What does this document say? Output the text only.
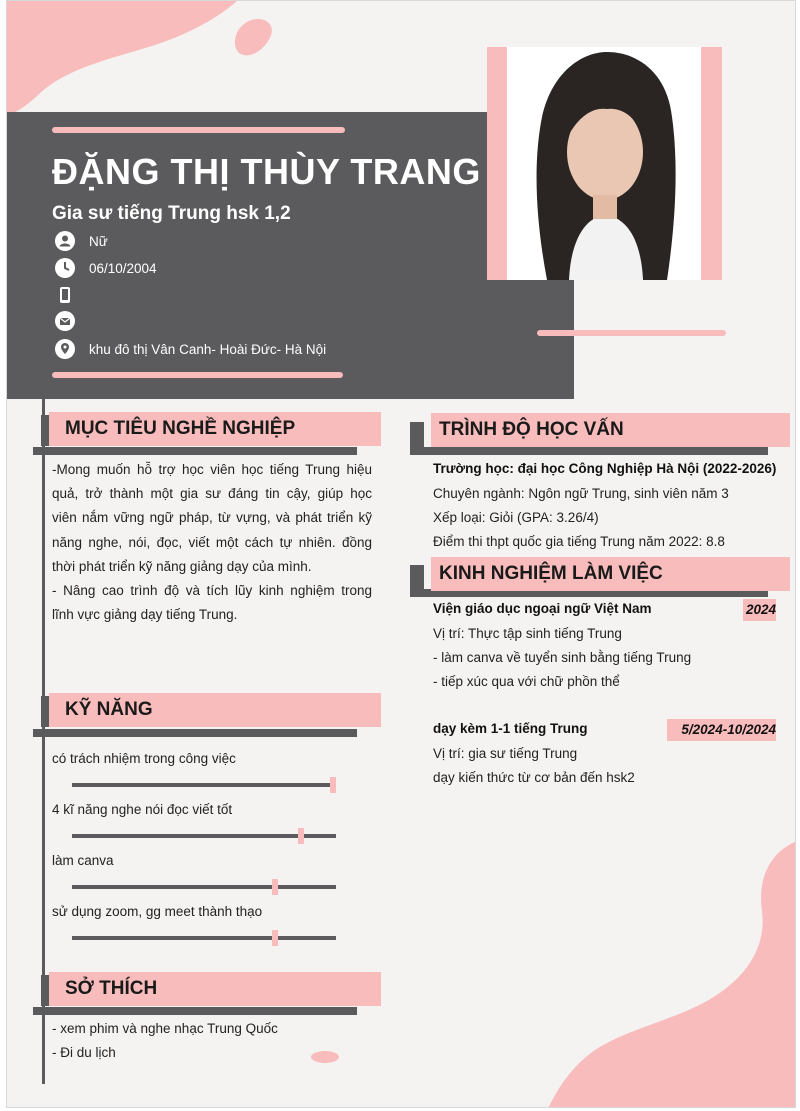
ĐẶNG THỊ THÙY TRANG
Gia sư tiếng Trung hsk 1,2
Nữ
06/10/2004
khu đô thị Vân Canh- Hoài Đức- Hà Nội
MỤC TIÊU NGHỀ NGHIỆP
-Mong muốn hỗ trợ học viên học tiếng Trung hiệu
quả, trở thành một gia sư đáng tin cậy, giúp học
viên nắm vững ngữ pháp, từ vựng, và phát triển kỹ
năng nghe, nói, đọc, viết một cách tự nhiên. đồng
thời phát triển kỹ năng giảng dạy của mình.
- Nâng cao trình độ và tích lũy kinh nghiệm trong
lĩnh vực giảng dạy tiếng Trung.
KỸ NĂNG
có trách nhiệm trong công việc
4 kĩ năng nghe nói đọc viết tốt
làm canva
sử dụng zoom, gg meet thành thạo
SỞ THÍCH
- xem phim và nghe nhạc Trung Quốc
- Đi du lịch
TRÌNH ĐỘ HỌC VẤN
Trường học: đại học Công Nghiệp Hà Nội (2022-2026)
Chuyên ngành: Ngôn ngữ Trung, sinh viên năm 3
Xếp loại: Giỏi (GPA: 3.26/4)
Điểm thi thpt quốc gia tiếng Trung năm 2022: 8.8
KINH NGHIỆM LÀM VIỆC
Viện giáo dục ngoại ngữ Việt Nam	2024
Vị trí: Thực tập sinh tiếng Trung
- làm canva về tuyển sinh bằng tiếng Trung
- tiếp xúc qua với chữ phồn thể
dạy kèm 1-1 tiếng Trung	5/2024-10/2024
Vị trí: gia sư tiếng Trung
dạy kiến thức từ cơ bản đến hsk2
